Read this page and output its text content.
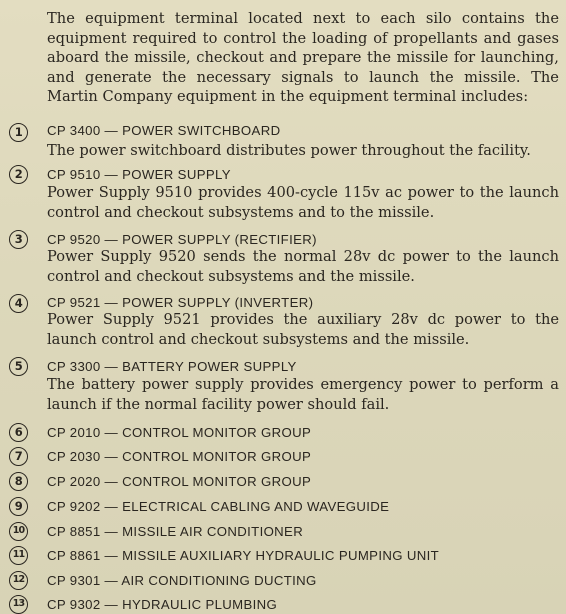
The equipment terminal located next to each silo contains the equipment required to control the loading of propellants and gases aboard the missile, checkout and prepare the missile for launching, and generate the necessary signals to launch the missile. The Martin Company equipment in the equipment terminal includes:
1	CP 3400 — POWER SWITCHBOARD
The power switchboard distributes power throughout the facility.
2	CP 9510 — POWER SUPPLY
Power Supply 9510 provides 400-cycle 115v ac power to the launch control and checkout subsystems and to the missile.
3	CP 9520 — POWER SUPPLY (RECTIFIER)
Power Supply 9520 sends the normal 28v dc power to the launch control and checkout subsystems and the missile.
4	CP 9521 — POWER SUPPLY (INVERTER)
Power Supply 9521 provides the auxiliary 28v dc power to the launch control and checkout subsystems and the missile.
5	CP 3300 — BATTERY POWER SUPPLY
The battery power supply provides emergency power to perform a launch if the normal facility power should fail.
6	CP 2010 — CONTROL MONITOR GROUP
7	CP 2030 — CONTROL MONITOR GROUP
8	CP 2020 — CONTROL MONITOR GROUP
9	CP 9202 — ELECTRICAL CABLING AND WAVEGUIDE
10 CP 8851 — MISSILE AIR CONDITIONER
11 CP 8861 — MISSILE AUXILIARY HYDRAULIC PUMPING UNIT
12 CP 9301 — AIR CONDITIONING DUCTING
13 CP 9302 — HYDRAULIC PLUMBING
